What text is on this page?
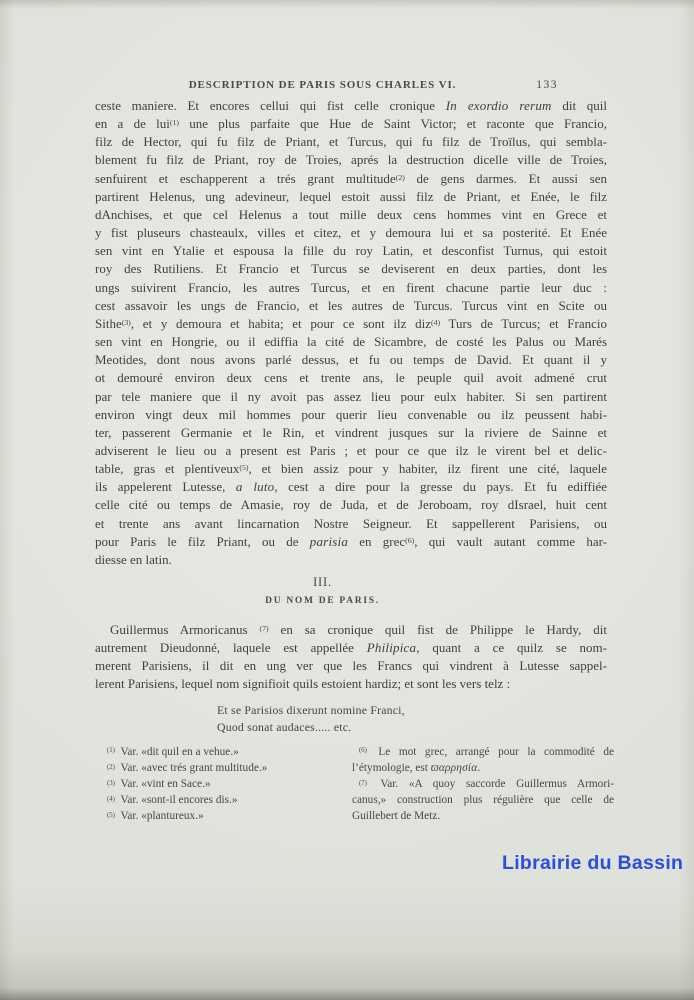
DESCRIPTION DE PARIS SOUS CHARLES VI.	133
ceste maniere. Et encores cellui qui fist celle cronique In exordio rerum dit quil
en a de lui$^{(1)}$ une plus parfaite que Hue de Saint Victor; et raconte que Francio,
filz de Hector, qui fu filz de Priant, et Turcus, qui fu filz de Troïlus, qui sembla-
blement fu filz de Priant, roy de Troies, aprés la destruction dicelle ville de Troies,
senfuirent et eschapperent a trés grant multitude$^{(2)}$ de gens darmes. Et aussi sen
partirent Helenus, ung adevineur, lequel estoit aussi filz de Priant, et Enée, le filz
dAnchises, et que cel Helenus a tout mille deux cens hommes vint en Grece et
y fist pluseurs chasteaulx, villes et citez, et y demoura lui et sa posterité. Et Enée
sen vint en Ytalie et espousa la fille du roy Latin, et desconfist Turnus, qui estoit
roy des Rutiliens. Et Francio et Turcus se deviserent en deux parties, dont les
ungs suivirent Francio, les autres Turcus, et en firent chacune partie leur duc :
cest assavoir les ungs de Francio, et les autres de Turcus. Turcus vint en Scite ou
Sithe$^{(3)}$, et y demoura et habita; et pour ce sont ilz diz$^{(4)}$ Turs de Turcus; et Francio
sen vint en Hongrie, ou il ediffia la cité de Sicambre, de costé les Palus ou Marés
Meotides, dont nous avons parlé dessus, et fu ou temps de David. Et quant il y
ot demouré environ deux cens et trente ans, le peuple quil avoit admené crut
par tele maniere que il ny avoit pas assez lieu pour eulx habiter. Si sen partirent
environ vingt deux mil hommes pour querir lieu convenable ou ilz peussent habi-
ter, passerent Germanie et le Rin, et vindrent jusques sur la riviere de Sainne et
adviserent le lieu ou a present est Paris ; et pour ce que ilz le virent bel et delic-
table, gras et plentiveux$^{(5)}$, et bien assiz pour y habiter, ilz firent une cité, laquele
ils appelerent Lutesse, a luto, cest a dire pour la gresse du pays. Et fu ediffiée
celle cité ou temps de Amasie, roy de Juda, et de Jeroboam, roy dIsrael, huit cent
et trente ans avant lincarnation Nostre Seigneur. Et sappellerent Parisiens, ou
pour Paris le filz Priant, ou de parisia en grec$^{(6)}$, qui vault autant comme har-
diesse en latin.
III.
DU NOM DE PARIS.
Guillermus Armoricanus $^{(7)}$ en sa cronique quil fist de Philippe le Hardy, dit
autrement Dieudonné, laquele est appellée Philipica, quant a ce quilz se nom-
merent Parisiens, il dit en ung ver que les Francs qui vindrent à Lutesse sappel-
lerent Parisiens, lequel nom signifioit quils estoient hardiz; et sont les vers telz :
Et se Parisios dixerunt nomine Franci,
Quod sonat audaces..... etc.
$^{(1)}$ Var. «dit quil en a vehue.»
$^{(2)}$ Var. «avec trés grant multitude.»
$^{(3)}$ Var. «vint en Sace.»
$^{(4)}$ Var. «sont-il encores dis.»
$^{(5)}$ Var. «plantureux.»
$^{(6)}$ Le mot grec, arrangé pour la commodité de
l’étymologie, est ϖαρρησία.
$^{(7)}$ Var. «A quoy saccorde Guillermus Armori-
canus,» construction plus régulière que celle de
Guillebert de Metz.
Librairie du Bassin
